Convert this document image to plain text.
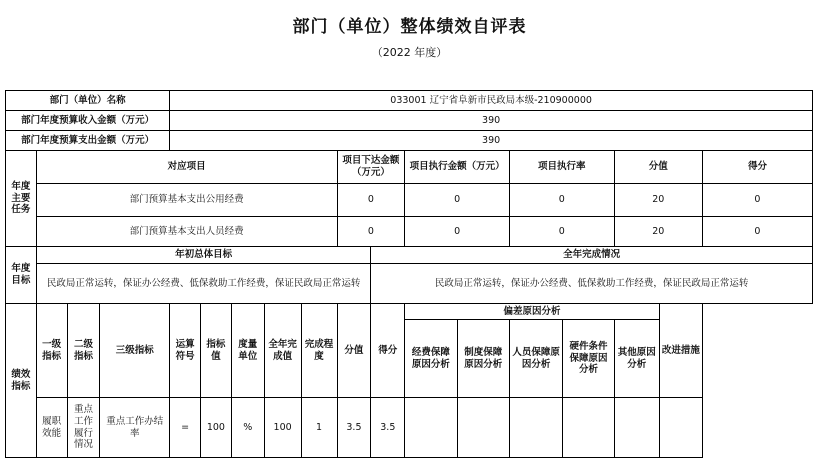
部门（单位）整体绩效自评表
（2022 年度）
部门（单位）名称				033001 辽宁省阜新市民政局本级-210900000													
部门年度预算收入金额（万元）				390													
部门年度预算支出金额（万元）				390													
年度主要任务	对应项目								项目下达金额（万元）		项目执行金额（万元）		项目执行率		分值		得分
	部门预算基本支出公用经费								0		0		0		20		0
	部门预算基本支出人员经费								0		0		0		20		0
年度目标	年初总体目标									全年完成情况							
	民政局正常运转，保证办公经费、低保救助工作经费，保证民政局正常运转									民政局正常运转，保证办公经费、低保救助工作经费，保证民政局正常运转							
绩效指标	一级指标	二级指标	三级指标	运算符号	指标值	度量单位	全年完成值	完成程度	分值	得分	偏差原因分析					改进措施	
											经费保障原因分析	制度保障原因分析	人员保障原因分析	硬件条件保障原因分析	其他原因分析		
	履职效能	重点工作履行情况	重点工作办结率	=	100	%	100	1	3.5	3.5							
